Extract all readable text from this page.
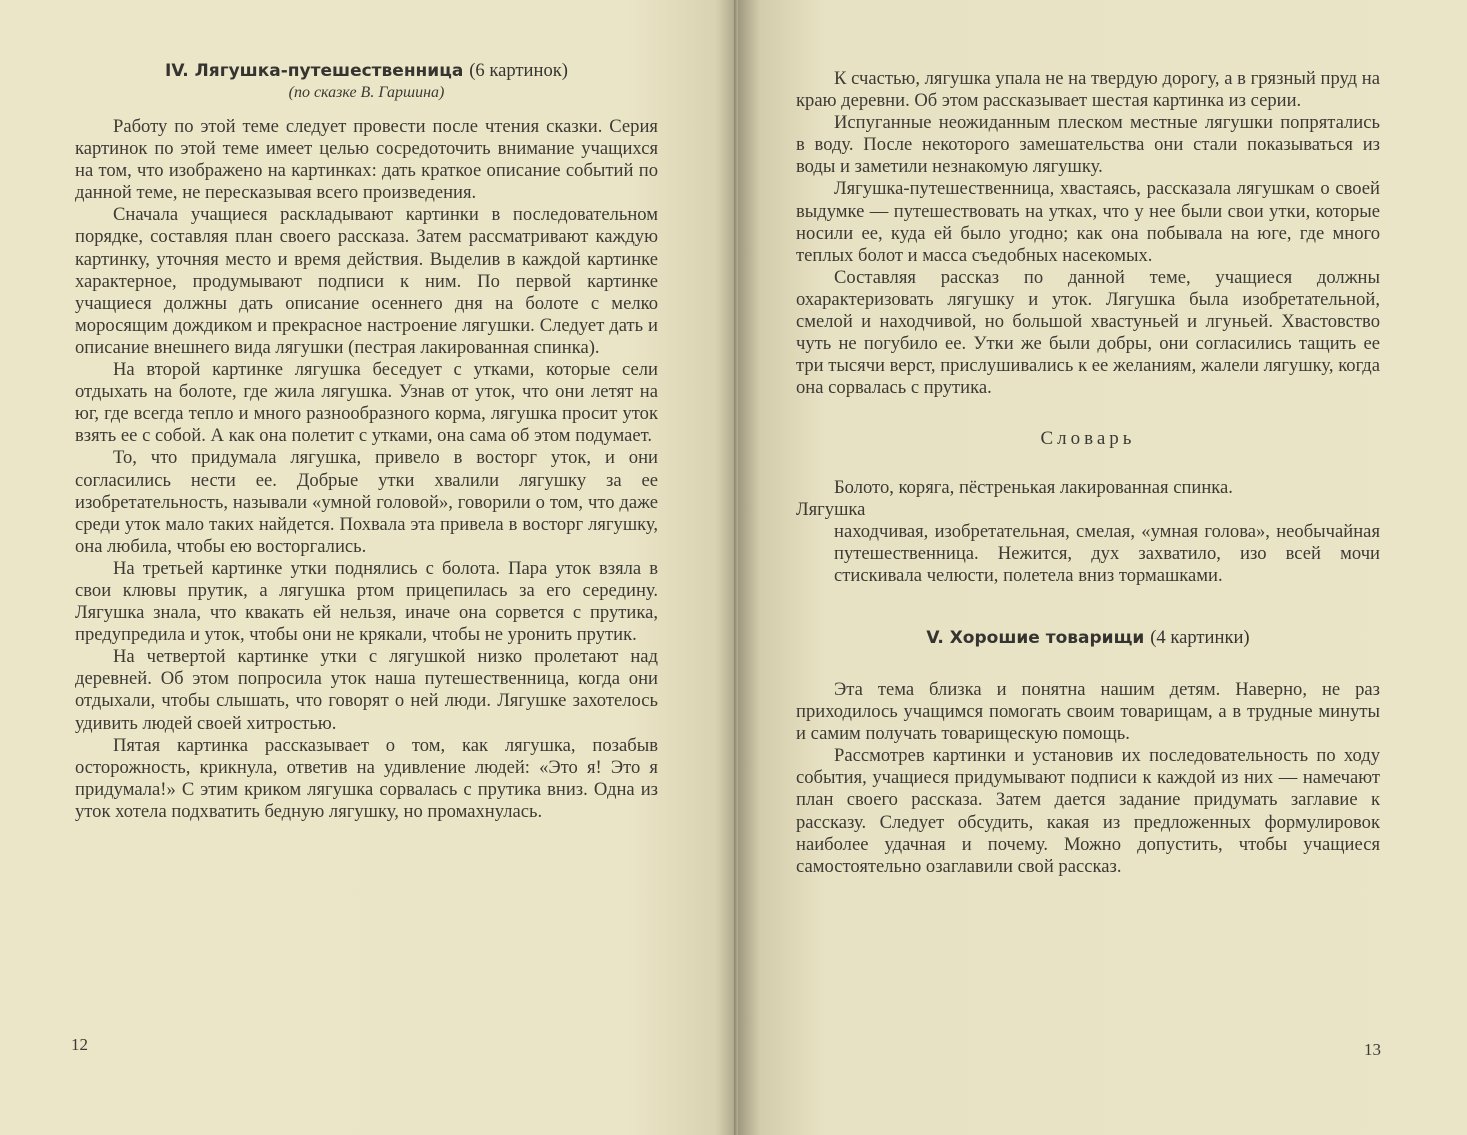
IV. Лягушка-путешественница (6 картинок)
(по сказке В. Гаршина)

Работу по этой теме следует провести после чтения сказки. Серия картинок по этой теме имеет целью сосредоточить внимание учащихся на том, что изображено на картинках: дать краткое описание событий по данной теме, не пересказывая всего произведения.

Сначала учащиеся раскладывают картинки в последовательном порядке, составляя план своего рассказа. Затем рассматривают каждую картинку, уточняя место и время действия. Выделив в каждой картинке характерное, продумывают подписи к ним. По первой картинке учащиеся должны дать описание осеннего дня на болоте с мелко моросящим дождиком и прекрасное настроение лягушки. Следует дать и описание внешнего вида лягушки (пестрая лакированная спинка).

На второй картинке лягушка беседует с утками, которые сели отдыхать на болоте, где жила лягушка. Узнав от уток, что они летят на юг, где всегда тепло и много разнообразного корма, лягушка просит уток взять ее с собой. А как она полетит с утками, она сама об этом подумает.

То, что придумала лягушка, привело в восторг уток, и они согласились нести ее. Добрые утки хвалили лягушку за ее изобретательность, называли «умной головой», говорили о том, что даже среди уток мало таких найдется. Похвала эта привела в восторг лягушку, она любила, чтобы ею восторгались.

На третьей картинке утки поднялись с болота. Пара уток взяла в свои клювы прутик, а лягушка ртом прицепилась за его середину. Лягушка знала, что квакать ей нельзя, иначе она сорвется с прутика, предупредила и уток, чтобы они не крякали, чтобы не уронить прутик.

На четвертой картинке утки с лягушкой низко пролетают над деревней. Об этом попросила уток наша путешественница, когда они отдыхали, чтобы слышать, что говорят о ней люди. Лягушке захотелось удивить людей своей хитростью.

Пятая картинка рассказывает о том, как лягушка, позабыв осторожность, крикнула, ответив на удивление людей: «Это я! Это я придумала!» С этим криком лягушка сорвалась с прутика вниз. Одна из уток хотела подхватить бедную лягушку, но промахнулась.

12

К счастью, лягушка упала не на твердую дорогу, а в грязный пруд на краю деревни. Об этом рассказывает шестая картинка из серии.

Испуганные неожиданным плеском местные лягушки попрятались в воду. После некоторого замешательства они стали показываться из воды и заметили незнакомую лягушку.

Лягушка-путешественница, хвастаясь, рассказала лягушкам о своей выдумке — путешествовать на утках, что у нее были свои утки, которые носили ее, куда ей было угодно; как она побывала на юге, где много теплых болот и масса съедобных насекомых.

Составляя рассказ по данной теме, учащиеся должны охарактеризовать лягушку и уток. Лягушка была изобретательной, смелой и находчивой, но большой хвастуньей и лгуньей. Хвастовство чуть не погубило ее. Утки же были добры, они согласились тащить ее три тысячи верст, прислушивались к ее желаниям, жалели лягушку, когда она сорвалась с прутика.

Словарь

Болото, коряга, пёстренькая лакированная спинка.

Лягушка

находчивая, изобретательная, смелая, «умная голова», необычайная путешественница. Нежится, дух захватило, изо всей мочи стискивала челюсти, полетела вниз тормашками.

V. Хорошие товарищи (4 картинки)

Эта тема близка и понятна нашим детям. Наверно, не раз приходилось учащимся помогать своим товарищам, а в трудные минуты и самим получать товарищескую помощь.

Рассмотрев картинки и установив их последовательность по ходу события, учащиеся придумывают подписи к каждой из них — намечают план своего рассказа. Затем дается задание придумать заглавие к рассказу. Следует обсудить, какая из предложенных формулировок наиболее удачная и почему. Можно допустить, чтобы учащиеся самостоятельно озаглавили свой рассказ.

13
